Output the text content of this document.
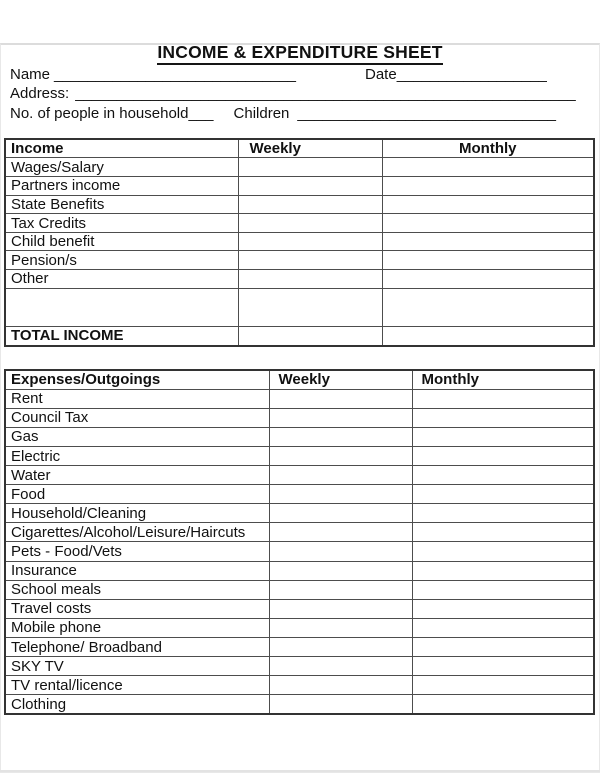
INCOME & EXPENDITURE SHEET
Name _____________________________	Date__________________
Address: ____________________________________________________________
No. of people in household___ Children _______________________________
Income	Weekly	Monthly
Wages/Salary		
Partners income		
State Benefits		
Tax Credits		
Child benefit		
Pension/s		
Other		

TOTAL INCOME		
Expenses/Outgoings	Weekly	Monthly
Rent		
Council Tax		
Gas		
Electric		
Water		
Food		
Household/Cleaning		
Cigarettes/Alcohol/Leisure/Haircuts		
Pets - Food/Vets		
Insurance		
School meals		
Travel costs		
Mobile phone		
Telephone/ Broadband		
SKY TV		
TV rental/licence		
Clothing		
